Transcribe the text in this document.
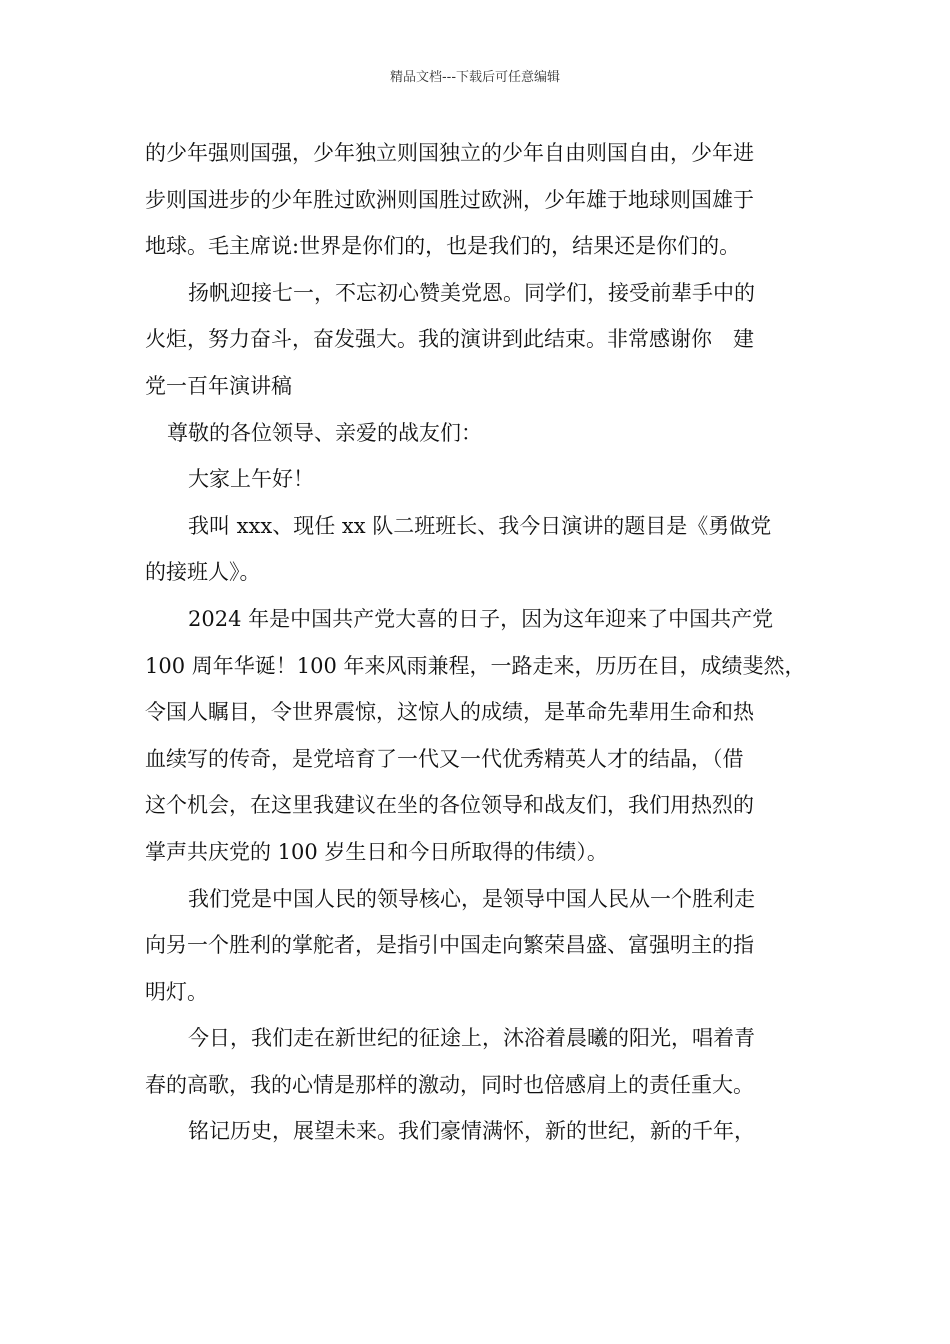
精品文档---下载后可任意编辑
的少年强则国强，少年独立则国独立的少年自由则国自由，少年进
步则国进步的少年胜过欧洲则国胜过欧洲，少年雄于地球则国雄于
地球。毛主席说:世界是你们的，也是我们的，结果还是你们的。
扬帆迎接七一，不忘初心赞美党恩。同学们，接受前辈手中的
火炬，努力奋斗，奋发强大。我的演讲到此结束。非常感谢你　建
党一百年演讲稿
尊敬的各位领导、亲爱的战友们：
大家上午好！
我叫 xxx、现任 xx 队二班班长、我今日演讲的题目是《勇做党
的接班人》。
2024 年是中国共产党大喜的日子，因为这年迎来了中国共产党
100 周年华诞！100 年来风雨兼程，一路走来，历历在目，成绩斐然，
令国人瞩目，令世界震惊，这惊人的成绩，是革命先辈用生命和热
血续写的传奇，是党培育了一代又一代优秀精英人才的结晶，（借
这个机会，在这里我建议在坐的各位领导和战友们，我们用热烈的
掌声共庆党的 100 岁生日和今日所取得的伟绩）。
我们党是中国人民的领导核心，是领导中国人民从一个胜利走
向另一个胜利的掌舵者，是指引中国走向繁荣昌盛、富强明主的指
明灯。
今日，我们走在新世纪的征途上，沐浴着晨曦的阳光，唱着青
春的高歌，我的心情是那样的激动，同时也倍感肩上的责任重大。
铭记历史，展望未来。我们豪情满怀，新的世纪，新的千年，
